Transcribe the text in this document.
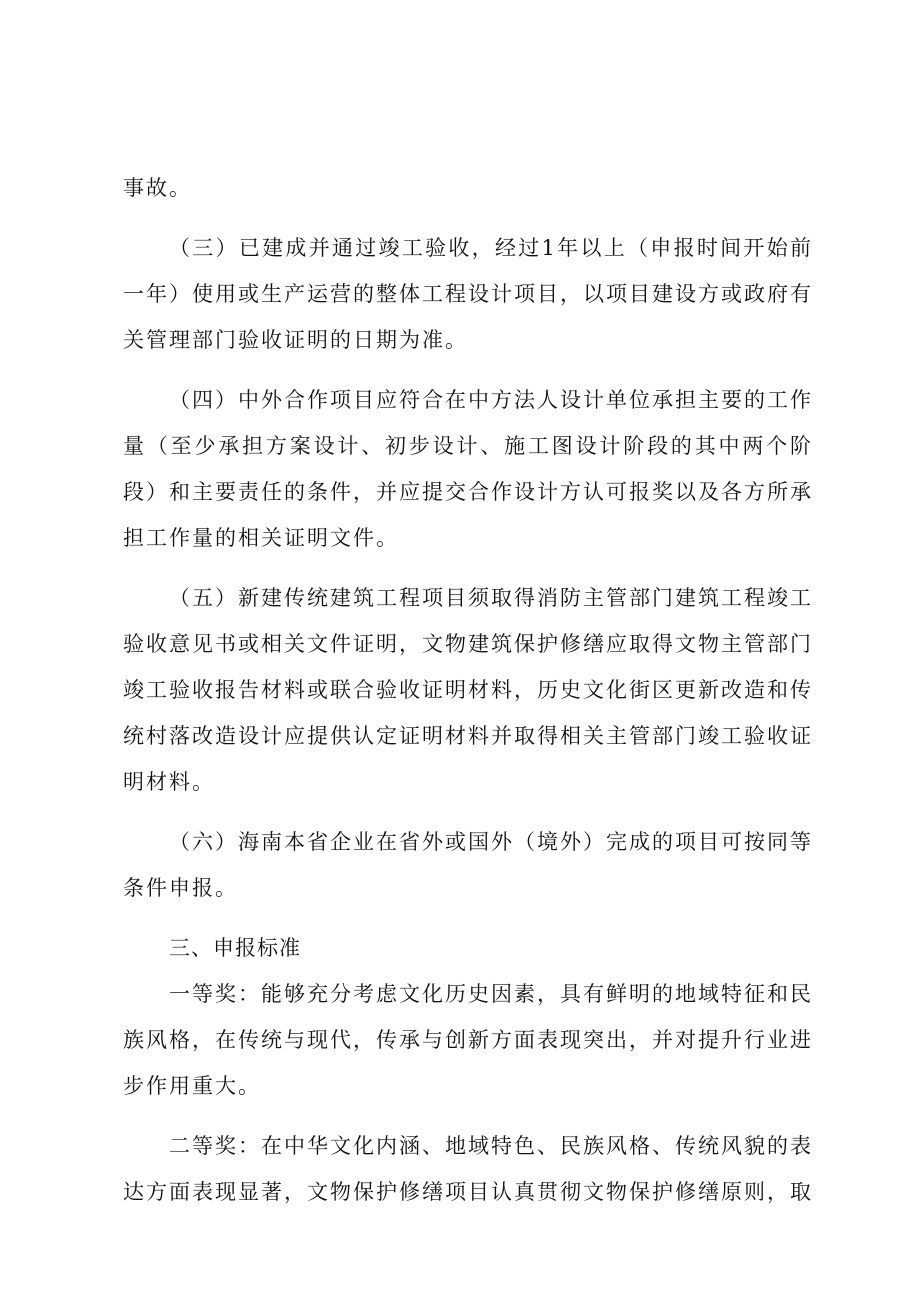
事故。

（三）已建成并通过竣工验收，经过1年以上（申报时间开始前一年）使用或生产运营的整体工程设计项目，以项目建设方或政府有关管理部门验收证明的日期为准。

（四）中外合作项目应符合在中方法人设计单位承担主要的工作量（至少承担方案设计、初步设计、施工图设计阶段的其中两个阶段）和主要责任的条件，并应提交合作设计方认可报奖以及各方所承担工作量的相关证明文件。

（五）新建传统建筑工程项目须取得消防主管部门建筑工程竣工验收意见书或相关文件证明，文物建筑保护修缮应取得文物主管部门竣工验收报告材料或联合验收证明材料，历史文化街区更新改造和传统村落改造设计应提供认定证明材料并取得相关主管部门竣工验收证明材料。

（六）海南本省企业在省外或国外（境外）完成的项目可按同等条件申报。

三、申报标准

一等奖：能够充分考虑文化历史因素，具有鲜明的地域特征和民族风格，在传统与现代，传承与创新方面表现突出，并对提升行业进步作用重大。

二等奖：在中华文化内涵、地域特色、民族风格、传统风貌的表达方面表现显著，文物保护修缮项目认真贯彻文物保护修缮原则，取
